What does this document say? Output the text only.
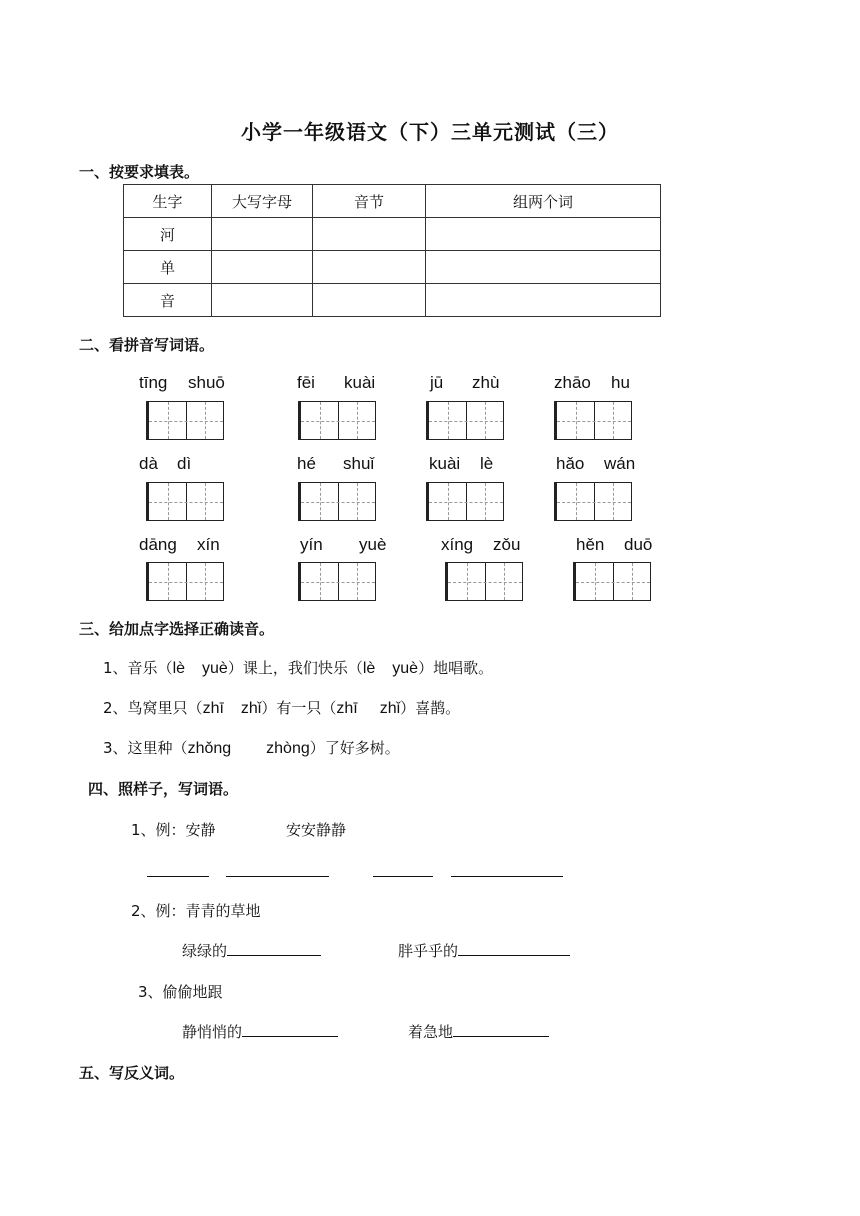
小学一年级语文（下）三单元测试（三）
一、按要求填表。
生字	大写字母	音节	组两个词
河			
单			
音			
二、看拼音写词语。
tīng shuō	fēi kuài	jū zhù	zhāo hu
dà dì	hé shuǐ	kuài lè	hǎo wán
dāng xín	yín yuè	xíng zǒu	hěn duō
三、给加点字选择正确读音。
1、音乐（lè yuè）课上，我们快乐（lè yuè）地唱歌。
2、鸟窝里只（zhī zhǐ）有一只（zhī zhǐ）喜鹊。
3、这里种（zhǒng zhòng）了好多树。
四、照样子，写词语。
1、例：安静	安安静静
2、例：青青的草地
绿绿的	胖乎乎的
3、偷偷地跟
静悄悄的	着急地
五、写反义词。
